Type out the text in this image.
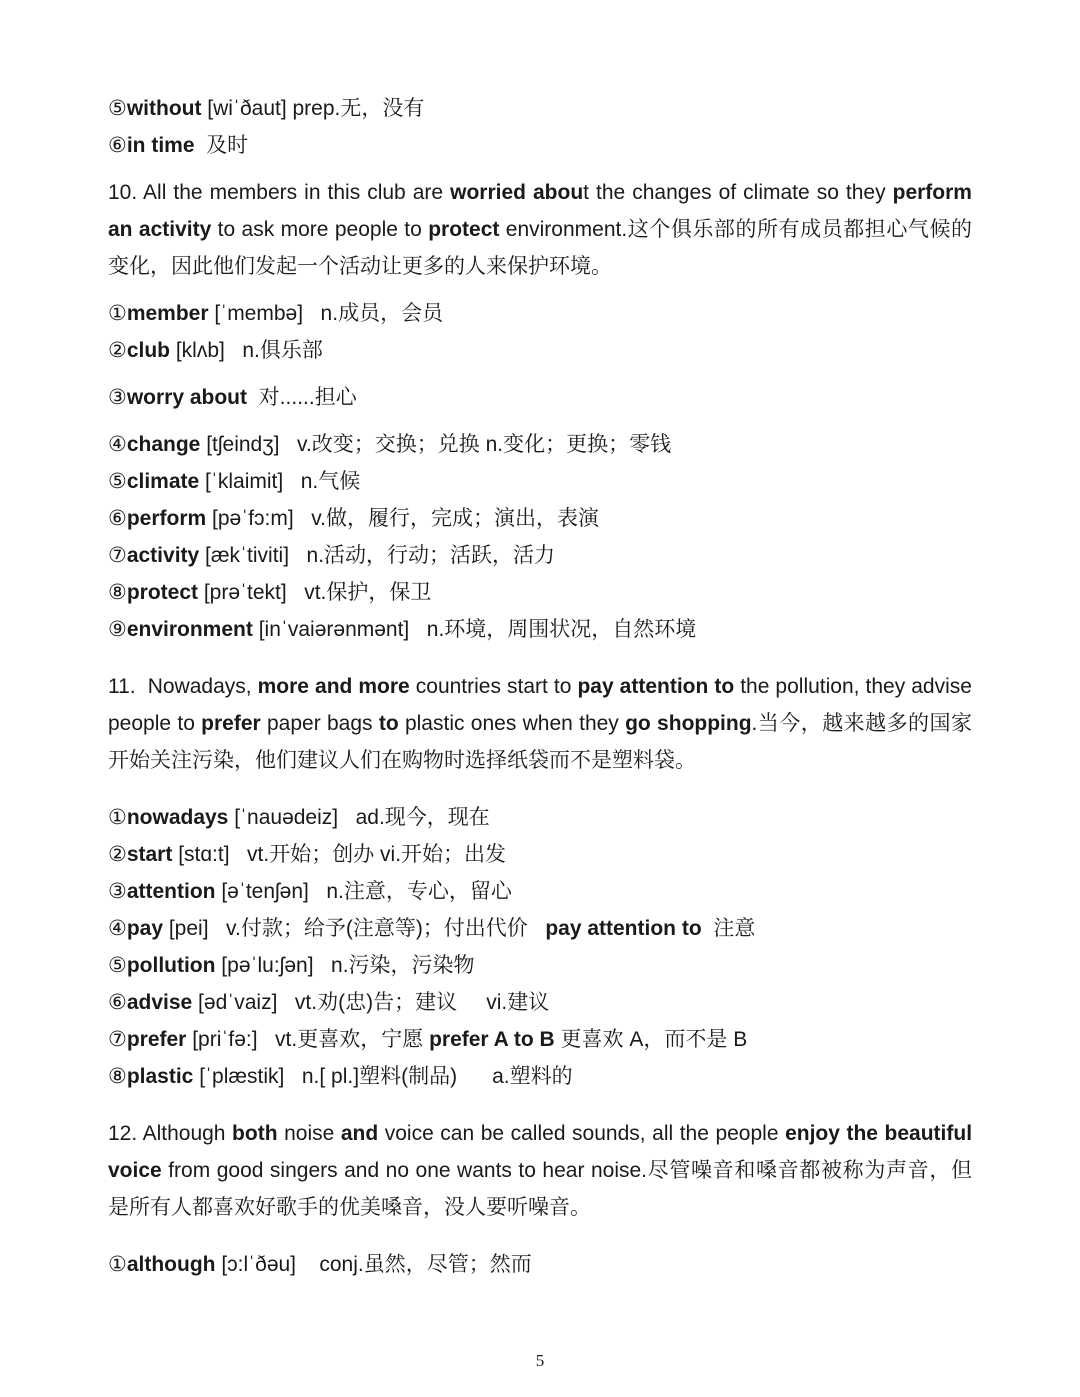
⑤without [wiˈðaut] prep.无，没有

⑥in time  及时

10. All the members in this club are worried about the changes of climate so they perform an activity to ask more people to protect environment.这个俱乐部的所有成员都担心气候的变化，因此他们发起一个活动让更多的人来保护环境。

①member [ˈmembə]   n.成员，会员

②club [klʌb]   n.俱乐部

③worry about  对......担心

④change [tʃeindʒ]   v.改变；交换；兑换 n.变化；更换；零钱

⑤climate [ˈklaimit]   n.气候

⑥perform [pəˈfɔ:m]   v.做，履行，完成；演出，表演

⑦activity [ækˈtiviti]   n.活动，行动；活跃，活力

⑧protect [prəˈtekt]   vt.保护，保卫

⑨environment [inˈvaiərənmənt]   n.环境，周围状况，自然环境

11.  Nowadays, more and more countries start to pay attention to the pollution, they advise people to prefer paper bags to plastic ones when they go shopping.当今，越来越多的国家开始关注污染，他们建议人们在购物时选择纸袋而不是塑料袋。

①nowadays [ˈnauədeiz]   ad.现今，现在

②start [stɑ:t]   vt.开始；创办 vi.开始；出发

③attention [əˈtenʃən]   n.注意，专心，留心

④pay [pei]   v.付款；给予(注意等)；付出代价   pay attention to  注意

⑤pollution [pəˈlu:ʃən]   n.污染，污染物

⑥advise [ədˈvaiz]   vt.劝(忠)告；建议     vi.建议

⑦prefer [priˈfə:]   vt.更喜欢，宁愿 prefer A to B 更喜欢 A，而不是 B

⑧plastic [ˈplæstik]   n.[ pl.]塑料(制品)      a.塑料的

12. Although both noise and voice can be called sounds, all the people enjoy the beautiful voice from good singers and no one wants to hear noise.尽管噪音和嗓音都被称为声音，但是所有人都喜欢好歌手的优美嗓音，没人要听噪音。

①although [ɔ:lˈðəu]    conj.虽然，尽管；然而

5
